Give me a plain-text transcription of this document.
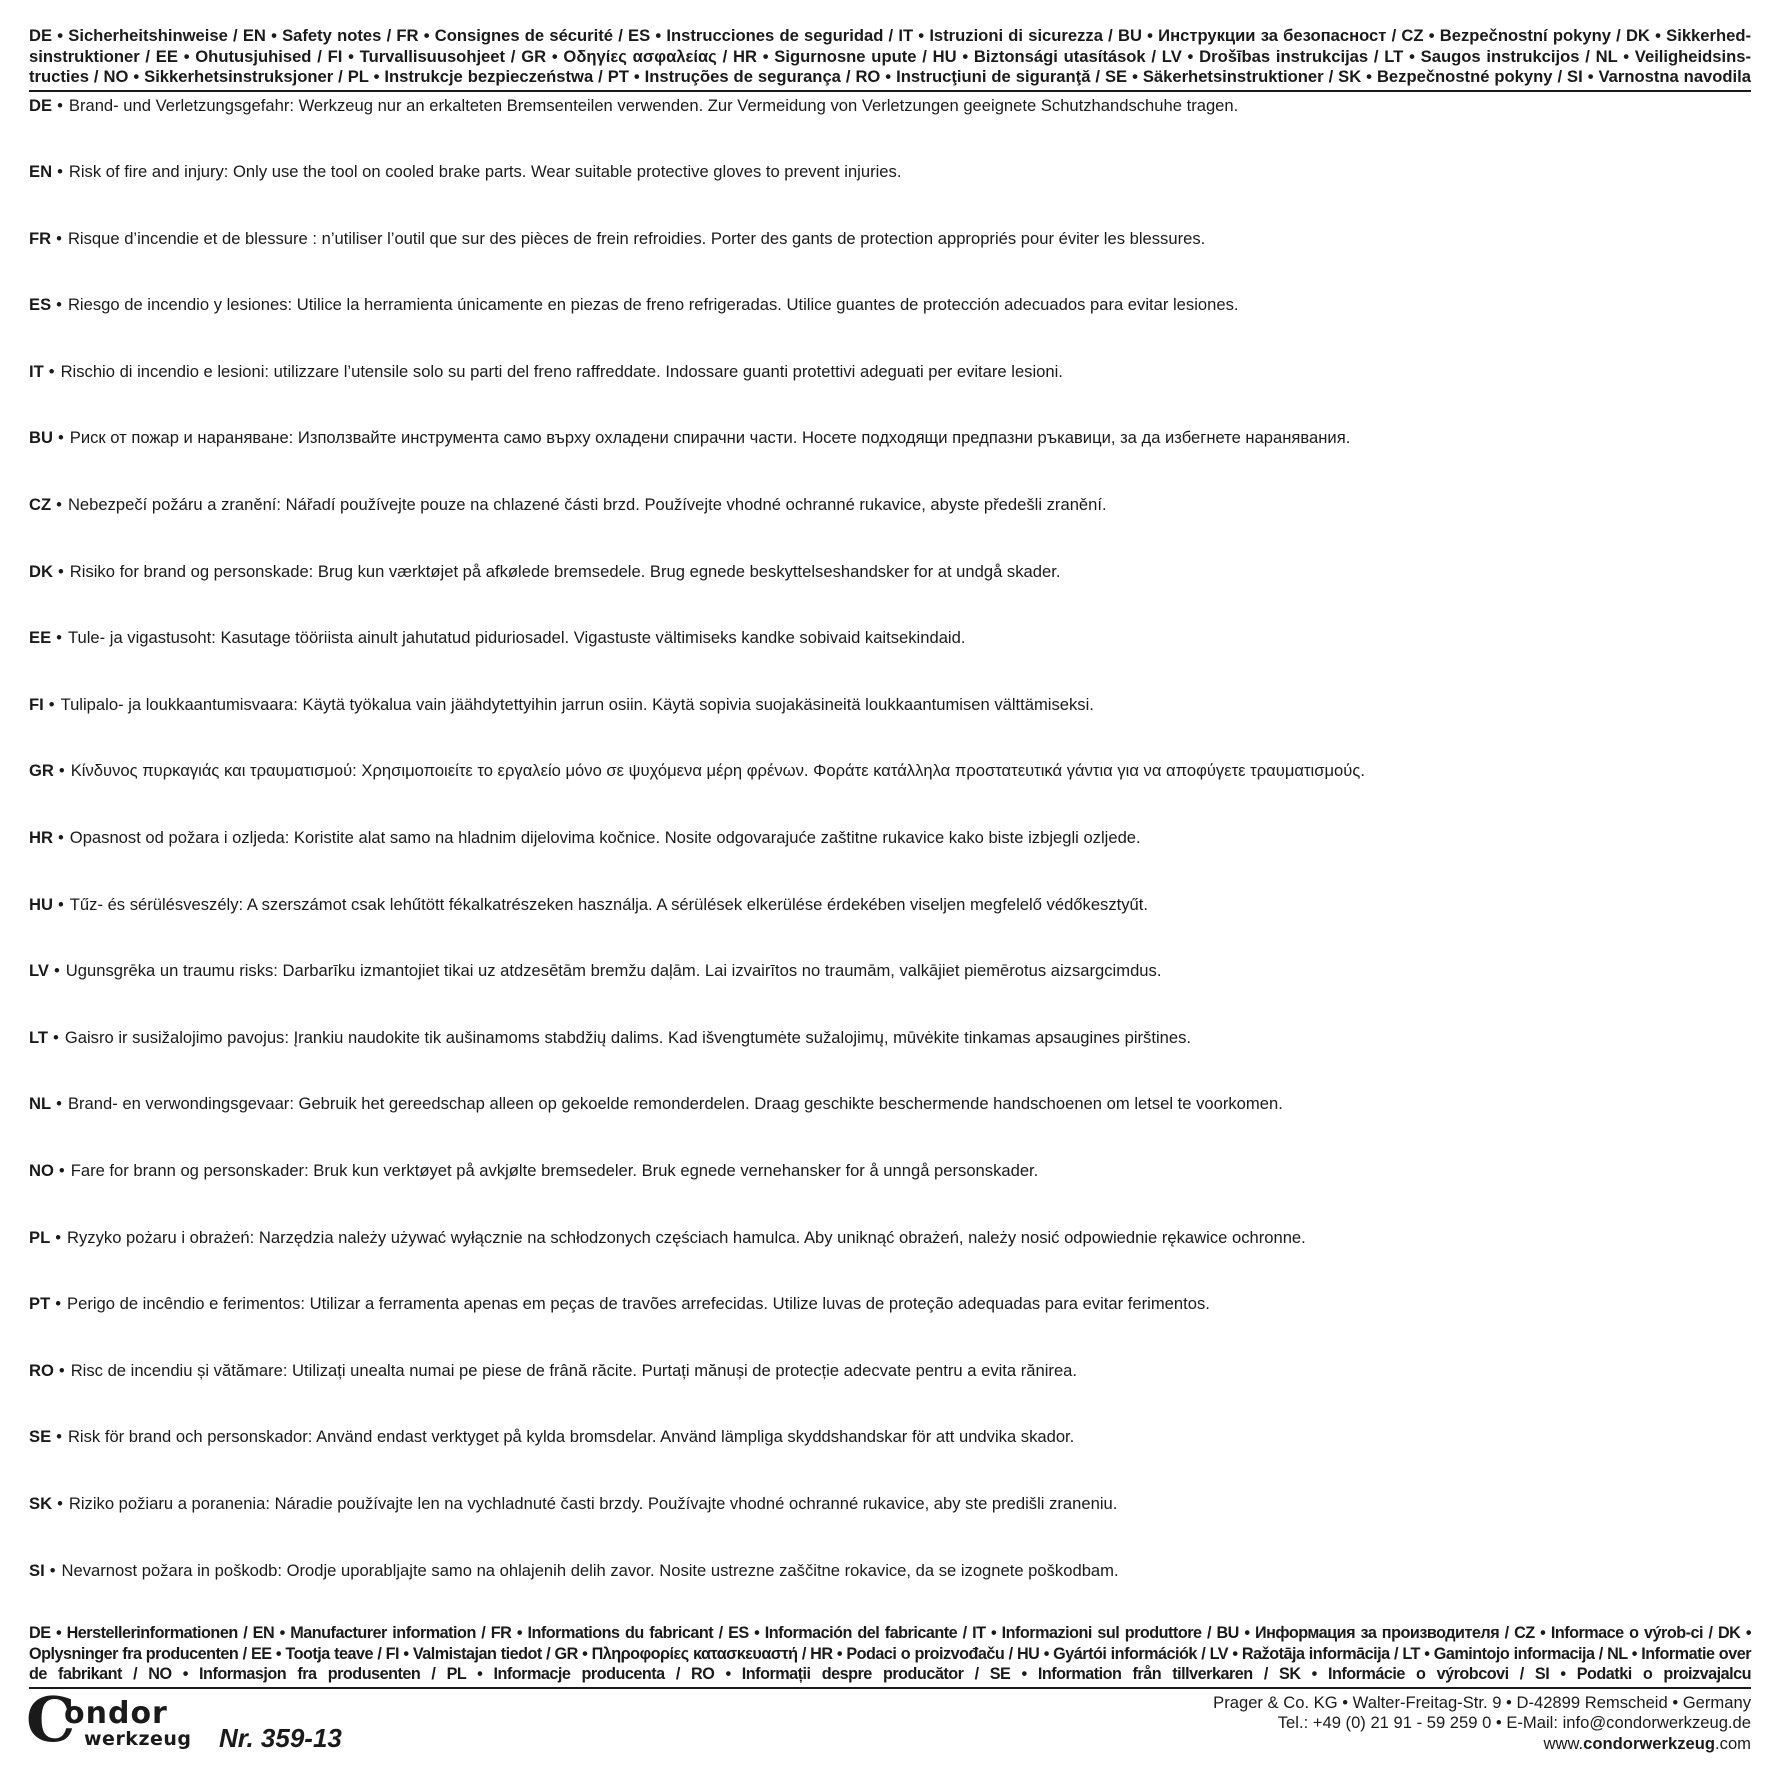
DE • Sicherheitshinweise / EN • Safety notes / FR • Consignes de sécurité / ES • Instrucciones de seguridad / IT • Istruzioni di sicurezza / BU • Инструкции за безопасност / CZ • Bezpečnostní pokyny / DK • Sikkerhed-sinstruktioner / EE • Ohutusjuhised / FI • Turvallisuusohjeet / GR • Οδηγίες ασφαλείας / HR • Sigurnosne upute / HU • Biztonsági utasítások / LV • Drošības instrukcijas / LT • Saugos instrukcijos / NL • Veiligheidsins-tructies / NO • Sikkerhetsinstruksjoner / PL • Instrukcje bezpieczeństwa / PT • Instruções de segurança / RO • Instrucţiuni de siguranţă / SE • Säkerhetsinstruktioner / SK • Bezpečnostné pokyny / SI • Varnostna navodila
DE • Brand- und Verletzungsgefahr: Werkzeug nur an erkalteten Bremsenteilen verwenden. Zur Vermeidung von Verletzungen geeignete Schutzhandschuhe tragen.
EN • Risk of fire and injury: Only use the tool on cooled brake parts. Wear suitable protective gloves to prevent injuries.
FR • Risque d’incendie et de blessure : n’utiliser l’outil que sur des pièces de frein refroidies. Porter des gants de protection appropriés pour éviter les blessures.
ES • Riesgo de incendio y lesiones: Utilice la herramienta únicamente en piezas de freno refrigeradas. Utilice guantes de protección adecuados para evitar lesiones.
IT • Rischio di incendio e lesioni: utilizzare l’utensile solo su parti del freno raffreddate. Indossare guanti protettivi adeguati per evitare lesioni.
BU • Риск от пожар и нараняване: Използвайте инструмента само върху охладени спирачни части. Носете подходящи предпазни ръкавици, за да избегнете наранявания.
CZ • Nebezpečí požáru a zranění: Nářadí používejte pouze na chlazené části brzd. Používejte vhodné ochranné rukavice, abyste předešli zranění.
DK • Risiko for brand og personskade: Brug kun værktøjet på afkølede bremsedele. Brug egnede beskyttelseshandsker for at undgå skader.
EE • Tule- ja vigastusoht: Kasutage tööriista ainult jahutatud piduriosadel. Vigastuste vältimiseks kandke sobivaid kaitsekindaid.
FI • Tulipalo- ja loukkaantumisvaara: Käytä työkalua vain jäähdytettyihin jarrun osiin. Käytä sopivia suojakäsineitä loukkaantumisen välttämiseksi.
GR • Κίνδυνος πυρκαγιάς και τραυματισμού: Χρησιμοποιείτε το εργαλείο μόνο σε ψυχόμενα μέρη φρένων. Φοράτε κατάλληλα προστατευτικά γάντια για να αποφύγετε τραυματισμούς.
HR • Opasnost od požara i ozljeda: Koristite alat samo na hladnim dijelovima kočnice. Nosite odgovarajuće zaštitne rukavice kako biste izbjegli ozljede.
HU • Tűz- és sérülésveszély: A szerszámot csak lehűtött fékalkatrészeken használja. A sérülések elkerülése érdekében viseljen megfelelő védőkesztyűt.
LV • Ugunsgrēka un traumu risks: Darbarīku izmantojiet tikai uz atdzesētām bremžu daļām. Lai izvairītos no traumām, valkājiet piemērotus aizsargcimdus.
LT • Gaisro ir susižalojimo pavojus: Įrankiu naudokite tik aušinamoms stabdžių dalims. Kad išvengtumėte sužalojimų, mūvėkite tinkamas apsaugines pirštines.
NL • Brand- en verwondingsgevaar: Gebruik het gereedschap alleen op gekoelde remonderdelen. Draag geschikte beschermende handschoenen om letsel te voorkomen.
NO • Fare for brann og personskader: Bruk kun verktøyet på avkjølte bremsedeler. Bruk egnede vernehansker for å unngå personskader.
PL • Ryzyko pożaru i obrażeń: Narzędzia należy używać wyłącznie na schłodzonych częściach hamulca. Aby uniknąć obrażeń, należy nosić odpowiednie rękawice ochronne.
PT • Perigo de incêndio e ferimentos: Utilizar a ferramenta apenas em peças de travões arrefecidas. Utilize luvas de proteção adequadas para evitar ferimentos.
RO • Risc de incendiu și vătămare: Utilizați unealta numai pe piese de frână răcite. Purtați mănuși de protecție adecvate pentru a evita rănirea.
SE • Risk för brand och personskador: Använd endast verktyget på kylda bromsdelar. Använd lämpliga skyddshandskar för att undvika skador.
SK • Riziko požiaru a poranenia: Náradie používajte len na vychladnuté časti brzdy. Používajte vhodné ochranné rukavice, aby ste predišli zraneniu.
SI • Nevarnost požara in poškodb: Orodje uporabljajte samo na ohlajenih delih zavor. Nosite ustrezne zaščitne rokavice, da se izognete poškodbam.
DE • Herstellerinformationen / EN • Manufacturer information / FR • Informations du fabricant / ES • Información del fabricante / IT • Informazioni sul produttore / BU • Информация за производителя / CZ • Informace o výrob-ci / DK • Oplysninger fra producenten / EE • Tootja teave / FI • Valmistajan tiedot / GR • Πληροφορίες κατασκευαστή / HR • Podaci o proizvođaču / HU • Gyártói információk / LV • Ražotāja informācija / LT • Gamintojo informacija / NL • Informatie over de fabrikant / NO • Informasjon fra produsenten / PL • Informacje producenta / RO • Informații despre producător / SE • Information från tillverkaren / SK • Informácie o výrobcovi / SI • Podatki o proizvajalcu
C
ondor
werkzeug Nr. 359-13
Prager & Co. KG • Walter-Freitag-Str. 9 • D-42899 Remscheid • Germany
Tel.: +49 (0) 21 91 - 59 259 0 • E-Mail: info@condorwerkzeug.de
www.condorwerkzeug.com
